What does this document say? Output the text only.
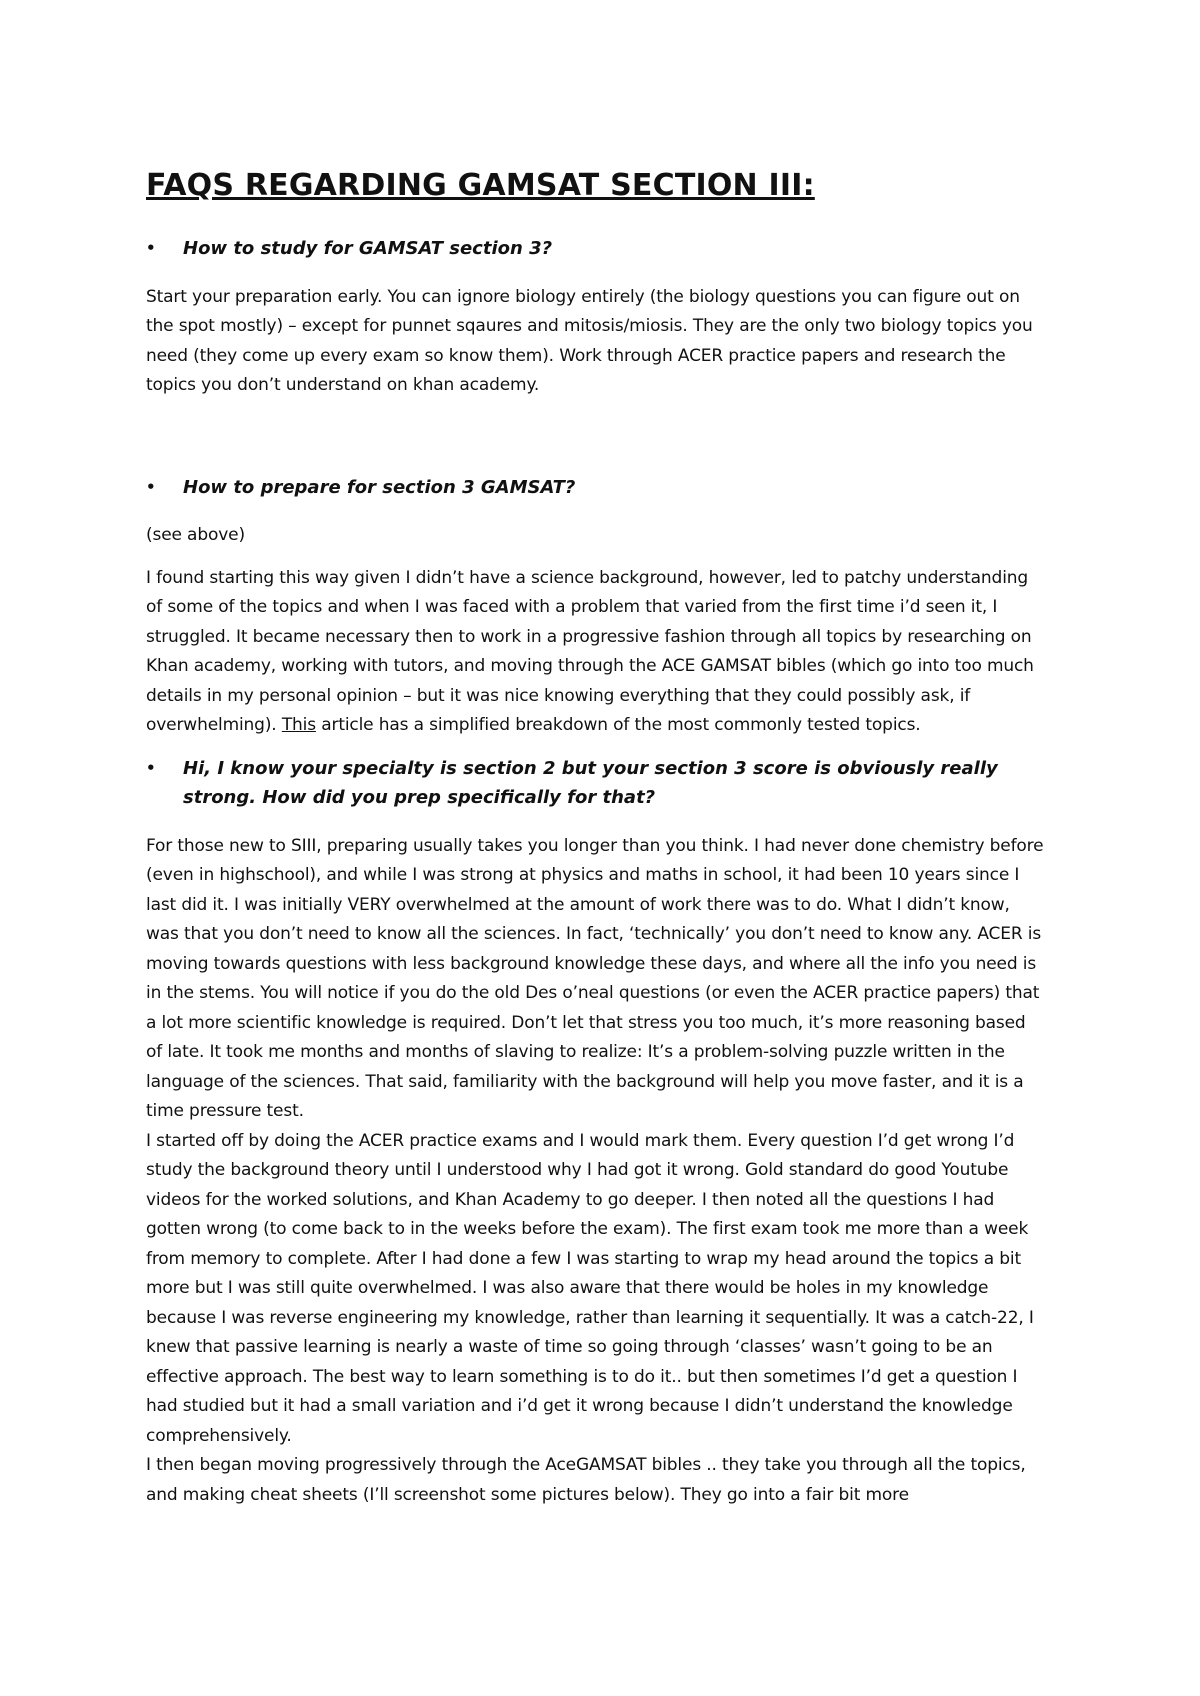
FAQS REGARDING GAMSAT SECTION III:
• How to study for GAMSAT section 3?

Start your preparation early. You can ignore biology entirely (the biology questions you can figure out on the spot mostly) – except for punnet sqaures and mitosis/miosis. They are the only two biology topics you need (they come up every exam so know them). Work through ACER practice papers and research the topics you don’t understand on khan academy.

• How to prepare for section 3 GAMSAT?

(see above)

I found starting this way given I didn’t have a science background, however, led to patchy understanding of some of the topics and when I was faced with a problem that varied from the first time i’d seen it, I struggled. It became necessary then to work in a progressive fashion through all topics by researching on Khan academy, working with tutors, and moving through the ACE GAMSAT bibles (which go into too much details in my personal opinion – but it was nice knowing everything that they could possibly ask, if overwhelming). This article has a simplified breakdown of the most commonly tested topics.

• Hi, I know your specialty is section 2 but your section 3 score is obviously really strong. How did you prep specifically for that?

For those new to SIII, preparing usually takes you longer than you think. I had never done chemistry before (even in highschool), and while I was strong at physics and maths in school, it had been 10 years since I last did it. I was initially VERY overwhelmed at the amount of work there was to do. What I didn’t know, was that you don’t need to know all the sciences. In fact, ‘technically’ you don’t need to know any. ACER is moving towards questions with less background knowledge these days, and where all the info you need is in the stems. You will notice if you do the old Des o’neal questions (or even the ACER practice papers) that a lot more scientific knowledge is required. Don’t let that stress you too much, it’s more reasoning based of late. It took me months and months of slaving to realize: It’s a problem-solving puzzle written in the language of the sciences. That said, familiarity with the background will help you move faster, and it is a time pressure test.

I started off by doing the ACER practice exams and I would mark them. Every question I’d get wrong I’d study the background theory until I understood why I had got it wrong. Gold standard do good Youtube videos for the worked solutions, and Khan Academy to go deeper. I then noted all the questions I had gotten wrong (to come back to in the weeks before the exam). The first exam took me more than a week from memory to complete. After I had done a few I was starting to wrap my head around the topics a bit more but I was still quite overwhelmed. I was also aware that there would be holes in my knowledge because I was reverse engineering my knowledge, rather than learning it sequentially. It was a catch-22, I knew that passive learning is nearly a waste of time so going through ‘classes’ wasn’t going to be an effective approach. The best way to learn something is to do it.. but then sometimes I’d get a question I had studied but it had a small variation and i’d get it wrong because I didn’t understand the knowledge comprehensively.

I then began moving progressively through the AceGAMSAT bibles .. they take you through all the topics, and making cheat sheets (I’ll screenshot some pictures below). They go into a fair bit more
